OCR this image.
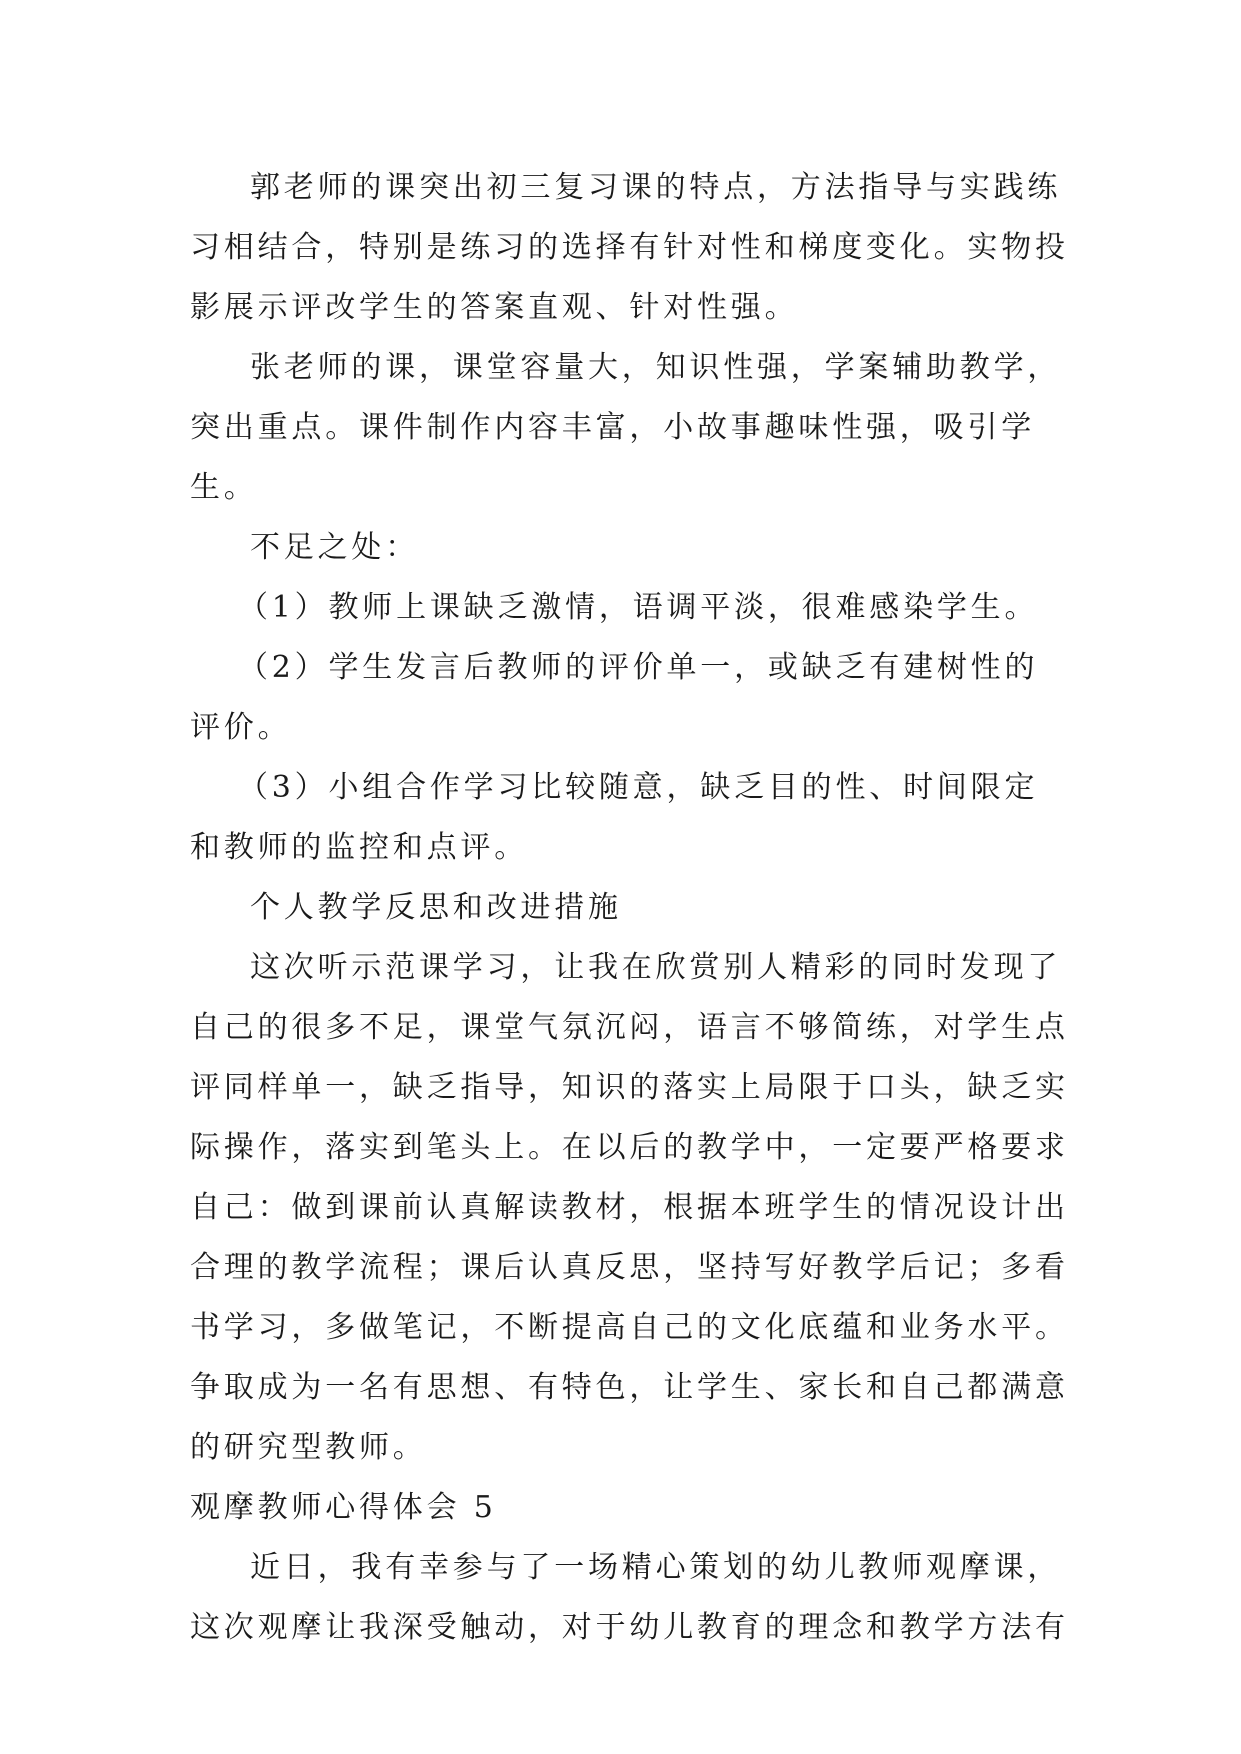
郭老师的课突出初三复习课的特点，方法指导与实践练习相结合，特别是练习的选择有针对性和梯度变化。实物投影展示评改学生的答案直观、针对性强。

张老师的课，课堂容量大，知识性强，学案辅助教学，突出重点。课件制作内容丰富，小故事趣味性强，吸引学生。

不足之处：

（1）教师上课缺乏激情，语调平淡，很难感染学生。

（2）学生发言后教师的评价单一，或缺乏有建树性的评价。

（3）小组合作学习比较随意，缺乏目的性、时间限定和教师的监控和点评。

个人教学反思和改进措施

这次听示范课学习，让我在欣赏别人精彩的同时发现了自己的很多不足，课堂气氛沉闷，语言不够简练，对学生点评同样单一，缺乏指导，知识的落实上局限于口头，缺乏实际操作，落实到笔头上。在以后的教学中，一定要严格要求自己：做到课前认真解读教材，根据本班学生的情况设计出合理的教学流程；课后认真反思，坚持写好教学后记；多看书学习，多做笔记，不断提高自己的文化底蕴和业务水平。争取成为一名有思想、有特色，让学生、家长和自己都满意的研究型教师。

观摩教师心得体会 5

近日，我有幸参与了一场精心策划的幼儿教师观摩课，这次观摩让我深受触动，对于幼儿教育的理念和教学方法有
